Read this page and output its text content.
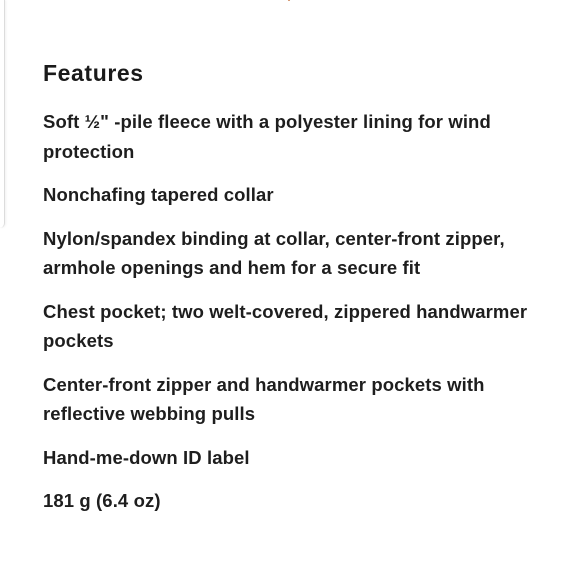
Features
Soft ½" -pile fleece with a polyester lining for wind protection
Nonchafing tapered collar
Nylon/spandex binding at collar, center-front zipper, armhole openings and hem for a secure fit
Chest pocket; two welt-covered, zippered handwarmer pockets
Center-front zipper and handwarmer pockets with reflective webbing pulls
Hand-me-down ID label
181 g (6.4 oz)
